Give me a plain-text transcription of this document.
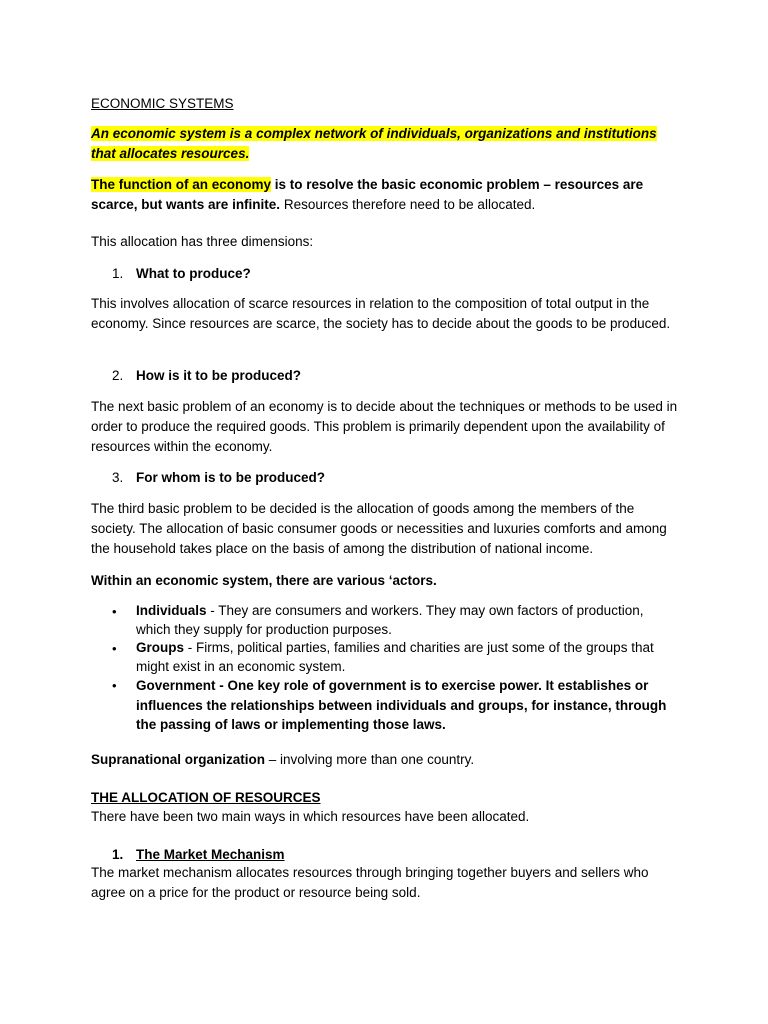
ECONOMIC SYSTEMS

An economic system is a complex network of individuals, organizations and institutions that allocates resources.

The function of an economy is to resolve the basic economic problem – resources are scarce, but wants are infinite. Resources therefore need to be allocated.

This allocation has three dimensions:

1. What to produce?

This involves allocation of scarce resources in relation to the composition of total output in the economy. Since resources are scarce, the society has to decide about the goods to be produced.

2. How is it to be produced?

The next basic problem of an economy is to decide about the techniques or methods to be used in order to produce the required goods. This problem is primarily dependent upon the availability of resources within the economy.

3. For whom is to be produced?

The third basic problem to be decided is the allocation of goods among the members of the society. The allocation of basic consumer goods or necessities and luxuries comforts and among the household takes place on the basis of among the distribution of national income.

Within an economic system, there are various ‘actors.

• Individuals - They are consumers and workers. They may own factors of production, which they supply for production purposes.

• Groups - Firms, political parties, families and charities are just some of the groups that might exist in an economic system.

• Government - One key role of government is to exercise power. It establishes or influences the relationships between individuals and groups, for instance, through the passing of laws or implementing those laws.

Supranational organization – involving more than one country.

THE ALLOCATION OF RESOURCES

There have been two main ways in which resources have been allocated.

1. The Market Mechanism

The market mechanism allocates resources through bringing together buyers and sellers who agree on a price for the product or resource being sold.
